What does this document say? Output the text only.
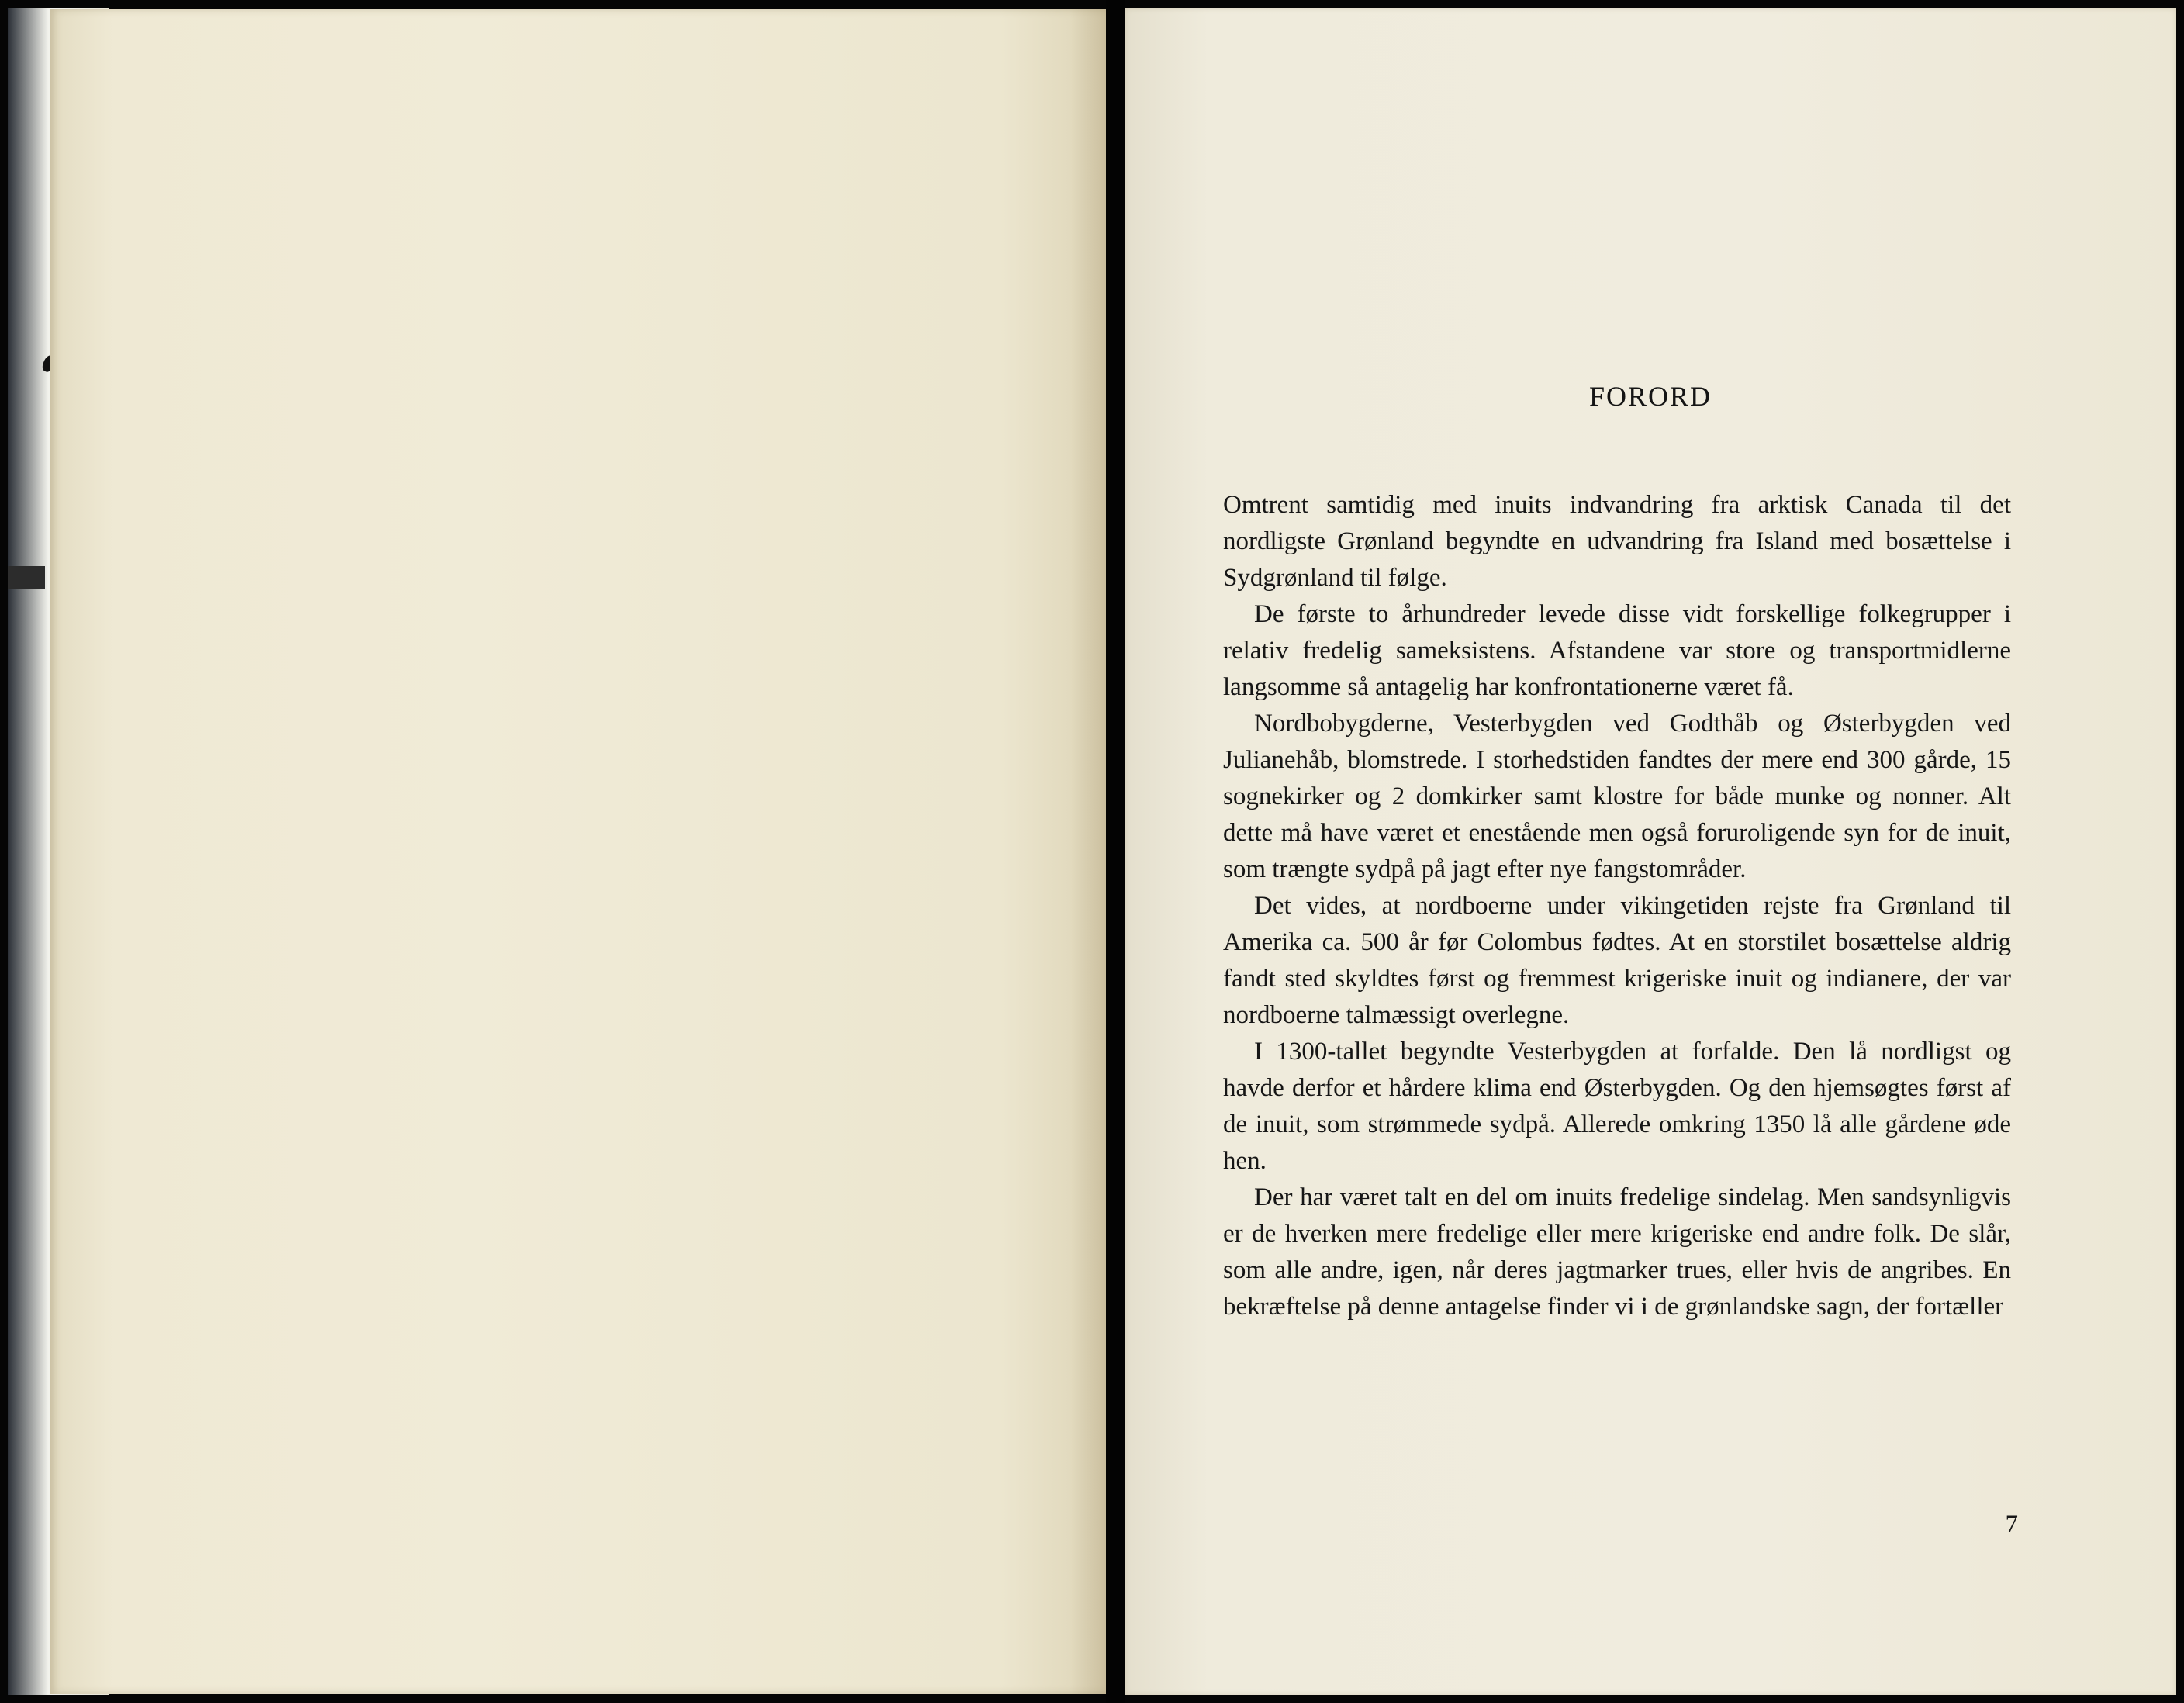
FORORD

Omtrent samtidig med inuits indvandring fra arktisk Canada til det nordligste Grønland begyndte en udvandring fra Island med bosættelse i Sydgrønland til følge.

De første to århundreder levede disse vidt forskellige folkegrupper i relativ fredelig sameksistens. Afstandene var store og transportmidlerne langsomme så antagelig har konfrontationerne været få.

Nordbobygderne, Vesterbygden ved Godthåb og Østerbygden ved Julianehåb, blomstrede. I storhedstiden fandtes der mere end 300 gårde, 15 sognekirker og 2 domkirker samt klostre for både munke og nonner. Alt dette må have været et enestående men også foruroligende syn for de inuit, som trængte sydpå på jagt efter nye fangstområder.

Det vides, at nordboerne under vikingetiden rejste fra Grønland til Amerika ca. 500 år før Colombus fødtes. At en storstilet bosættelse aldrig fandt sted skyldtes først og fremmest krigeriske inuit og indianere, der var nordboerne talmæssigt overlegne.

I 1300-tallet begyndte Vesterbygden at forfalde. Den lå nordligst og havde derfor et hårdere klima end Østerbygden. Og den hjemsøgtes først af de inuit, som strømmede sydpå. Allerede omkring 1350 lå alle gårdene øde hen.

Der har været talt en del om inuits fredelige sindelag. Men sandsynligvis er de hverken mere fredelige eller mere krigeriske end andre folk. De slår, som alle andre, igen, når deres jagtmarker trues, eller hvis de angribes. En bekræftelse på denne antagelse finder vi i de grønlandske sagn, der fortæller

7
